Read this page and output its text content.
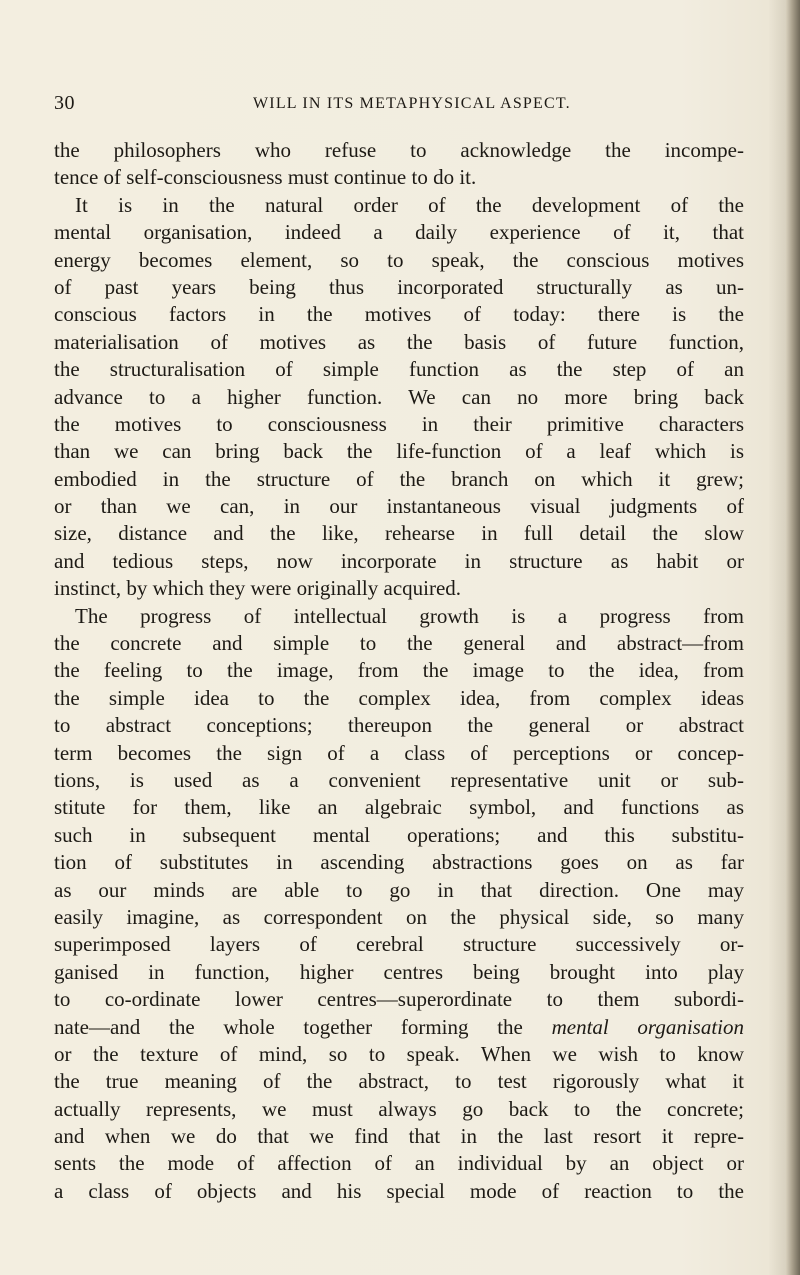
30	WILL IN ITS METAPHYSICAL ASPECT.
the philosophers who refuse to acknowledge the incompe-
tence of self-consciousness must continue to do it.
It is in the natural order of the development of the
mental organisation, indeed a daily experience of it, that
energy becomes element, so to speak, the conscious motives
of past years being thus incorporated structurally as un-
conscious factors in the motives of today: there is the
materialisation of motives as the basis of future function,
the structuralisation of simple function as the step of an
advance to a higher function. We can no more bring back
the motives to consciousness in their primitive characters
than we can bring back the life-function of a leaf which is
embodied in the structure of the branch on which it grew;
or than we can, in our instantaneous visual judgments of
size, distance and the like, rehearse in full detail the slow
and tedious steps, now incorporate in structure as habit or
instinct, by which they were originally acquired.
The progress of intellectual growth is a progress from
the concrete and simple to the general and abstract—from
the feeling to the image, from the image to the idea, from
the simple idea to the complex idea, from complex ideas
to abstract conceptions; thereupon the general or abstract
term becomes the sign of a class of perceptions or concep-
tions, is used as a convenient representative unit or sub-
stitute for them, like an algebraic symbol, and functions as
such in subsequent mental operations; and this substitu-
tion of substitutes in ascending abstractions goes on as far
as our minds are able to go in that direction. One may
easily imagine, as correspondent on the physical side, so many
superimposed layers of cerebral structure successively or-
ganised in function, higher centres being brought into play
to co-ordinate lower centres—superordinate to them subordi-
nate—and the whole together forming the mental organisation
or the texture of mind, so to speak. When we wish to know
the true meaning of the abstract, to test rigorously what it
actually represents, we must always go back to the concrete;
and when we do that we find that in the last resort it repre-
sents the mode of affection of an individual by an object or
a class of objects and his special mode of reaction to the
